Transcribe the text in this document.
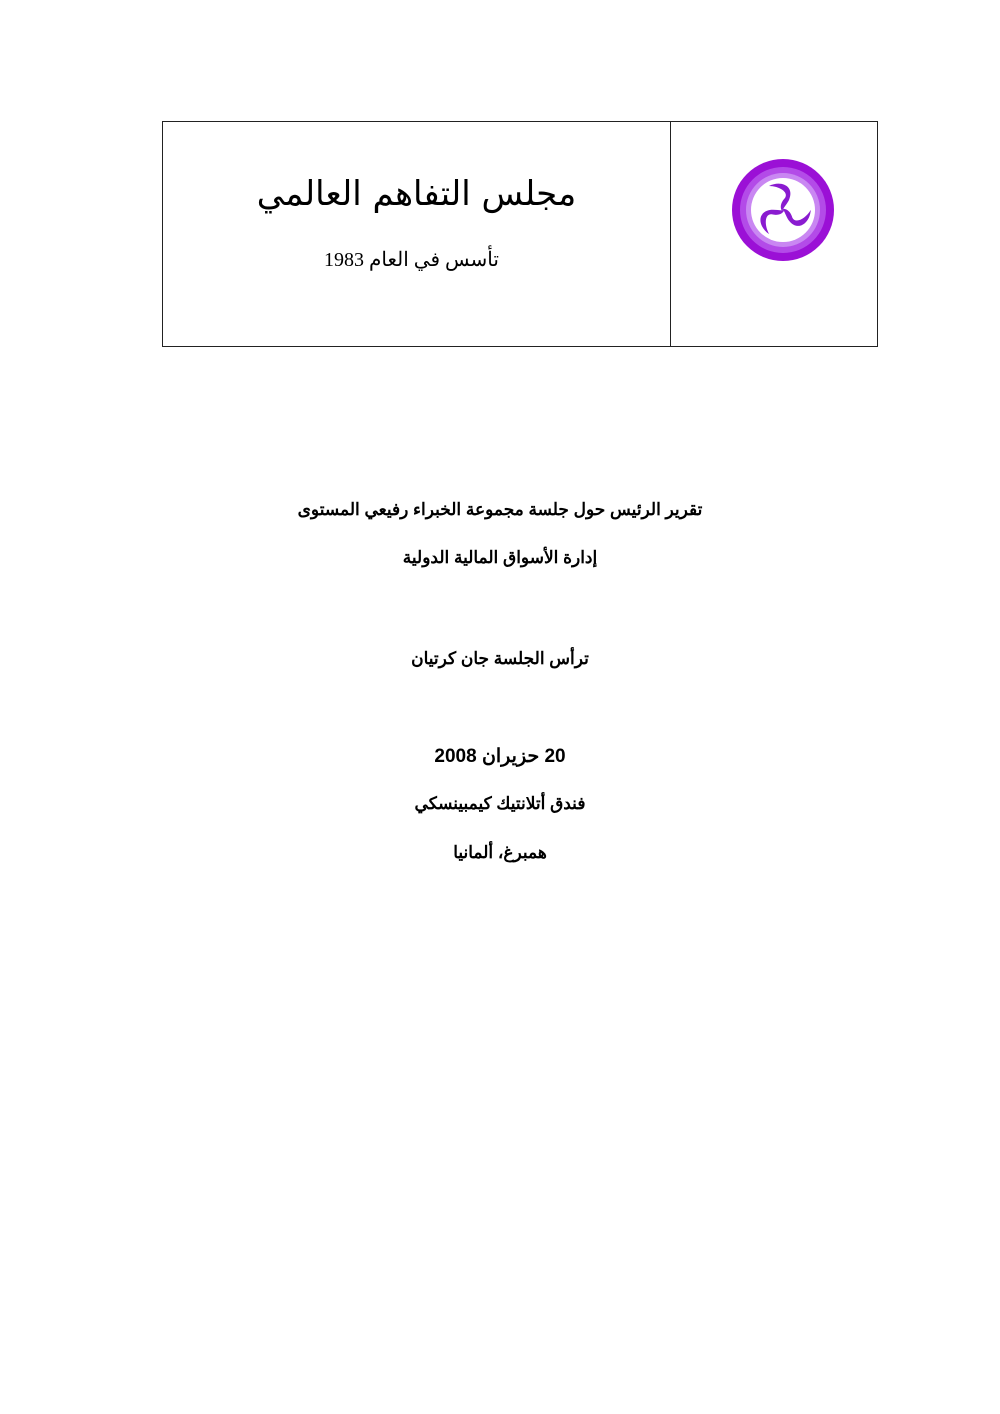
مجلس التفاهم العالمي
تأسس في العام 1983
تقرير الرئيس حول جلسة مجموعة الخبراء رفيعي المستوى
إدارة الأسواق المالية الدولية
ترأس الجلسة جان كرتيان
20 حزيران 2008
فندق أتلانتيك كيمبينسكي
همبرغ، ألمانيا
